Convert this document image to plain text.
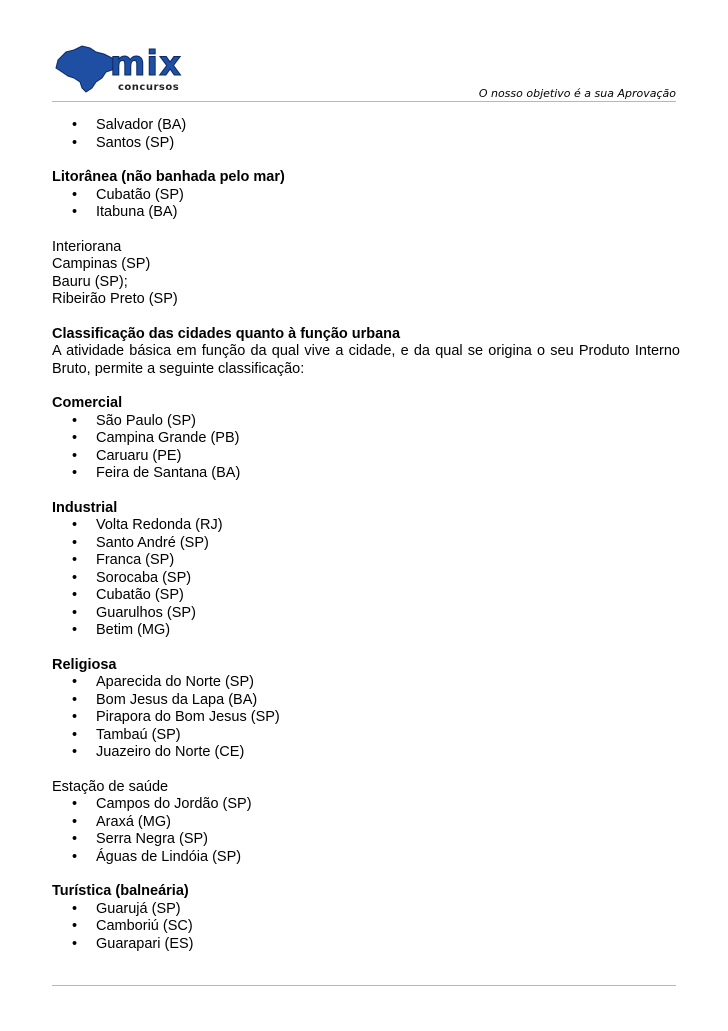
mix
concursos	O nosso objetivo é a sua Aprovação
• Salvador (BA)
• Santos (SP)
Litorânea (não banhada pelo mar)
• Cubatão (SP)
• Itabuna (BA)
Interiorana
Campinas (SP)
Bauru (SP);
Ribeirão Preto (SP)
Classificação das cidades quanto à função urbana
A atividade básica em função da qual vive a cidade, e da qual se origina o seu Produto Interno Bruto, permite a seguinte classificação:
Comercial
• São Paulo (SP)
• Campina Grande (PB)
• Caruaru (PE)
• Feira de Santana (BA)
Industrial
• Volta Redonda (RJ)
• Santo André (SP)
• Franca (SP)
• Sorocaba (SP)
• Cubatão (SP)
• Guarulhos (SP)
• Betim (MG)
Religiosa
• Aparecida do Norte (SP)
• Bom Jesus da Lapa (BA)
• Pirapora do Bom Jesus (SP)
• Tambaú (SP)
• Juazeiro do Norte (CE)
Estação de saúde
• Campos do Jordão (SP)
• Araxá (MG)
• Serra Negra (SP)
• Águas de Lindóia (SP)
Turística (balneária)
• Guarujá (SP)
• Camboriú (SC)
• Guarapari (ES)
